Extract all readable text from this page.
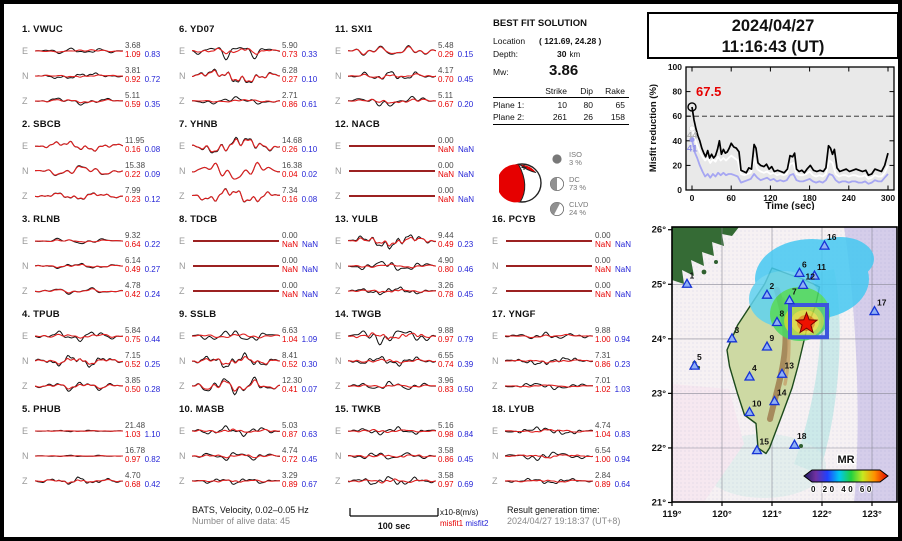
1. VWUC
E	3.68
1.09 0.83
N	3.81
0.92 0.72
Z	5.11
0.59 0.35
2. SBCB
E	11.95
0.16 0.08
N	15.38
0.22 0.09
Z	7.99
0.23 0.12
3. RLNB
E	9.32
0.64 0.22
N	6.14
0.49 0.27
Z	4.78
0.42 0.24
4. TPUB
E	5.84
0.75 0.44
N	7.15
0.52 0.25
Z	3.85
0.50 0.28
5. PHUB
E	21.48
1.03 1.10
N	16.78
0.97 0.82
Z	4.70
0.68 0.42
6. YD07
E	5.90
0.73 0.33
N	6.28
0.27 0.10
Z	2.71
0.86 0.61
7. YHNB
E	14.68
0.26 0.10
N	16.38
0.04 0.02
Z	7.34
0.16 0.08
8. TDCB
E	0.00
NaN NaN
N	0.00
NaN NaN
Z	0.00
NaN NaN
9. SSLB
E	6.63
1.04 1.09
N	8.41
0.52 0.30
Z	12.30
0.41 0.07
10. MASB
E	5.03
0.87 0.63
N	4.74
0.72 0.45
Z	3.29
0.89 0.67
11. SXI1
E	5.48
0.29 0.15
N	4.17
0.70 0.45
Z	5.11
0.67 0.20
12. NACB
E	0.00
NaN NaN
N	0.00
NaN NaN
Z	0.00
NaN NaN
13. YULB
E	9.44
0.49 0.23
N	4.90
0.80 0.46
Z	3.26
0.78 0.45
14. TWGB
E	9.88
0.97 0.79
N	6.55
0.74 0.39
Z	3.96
0.83 0.50
15. TWKB
E	5.16
0.98 0.84
N	3.58
0.86 0.45
Z	3.58
0.97 0.69
16. PCYB
E	0.00
NaN NaN
N	0.00
NaN NaN
Z	0.00
NaN NaN
17. YNGF
E	9.88
1.00 0.94
N	7.31
0.86 0.23
Z	7.01
1.02 1.03
18. LYUB
E	4.74
1.04 0.83
N	6.54
1.00 0.94
Z	2.84
0.89 0.64
BEST FIT SOLUTION
Location	( 121.69, 24.28 )
Depth:	30 km
Mw:	3.86
Strike	Dip	Rake
Plane 1:	10	80	65
Plane 2:	261	26	158
ISO
3 %
DC
73 %
CLVD
24 %
2024/04/27
11:16:43 (UT)
Misfit reduction (%)
Time (sec)
0
20
40
60
80
100
0	60	120	180	240	300
67.5
44
41
MR
0 20 40 60
119°	120°	121°	122°	123°
26°
25°
24°
23°
22°
21°
1
2
3
4
5
6
7
8
9
10
11
12
13
14
15
16
17
18
BATS, Velocity, 0.02–0.05 Hz
Number of alive data: 45	100 sec
x10-8(m/s)
misfit1 misfit2
Result generation time:
2024/04/27 19:18:37 (UT+8)
